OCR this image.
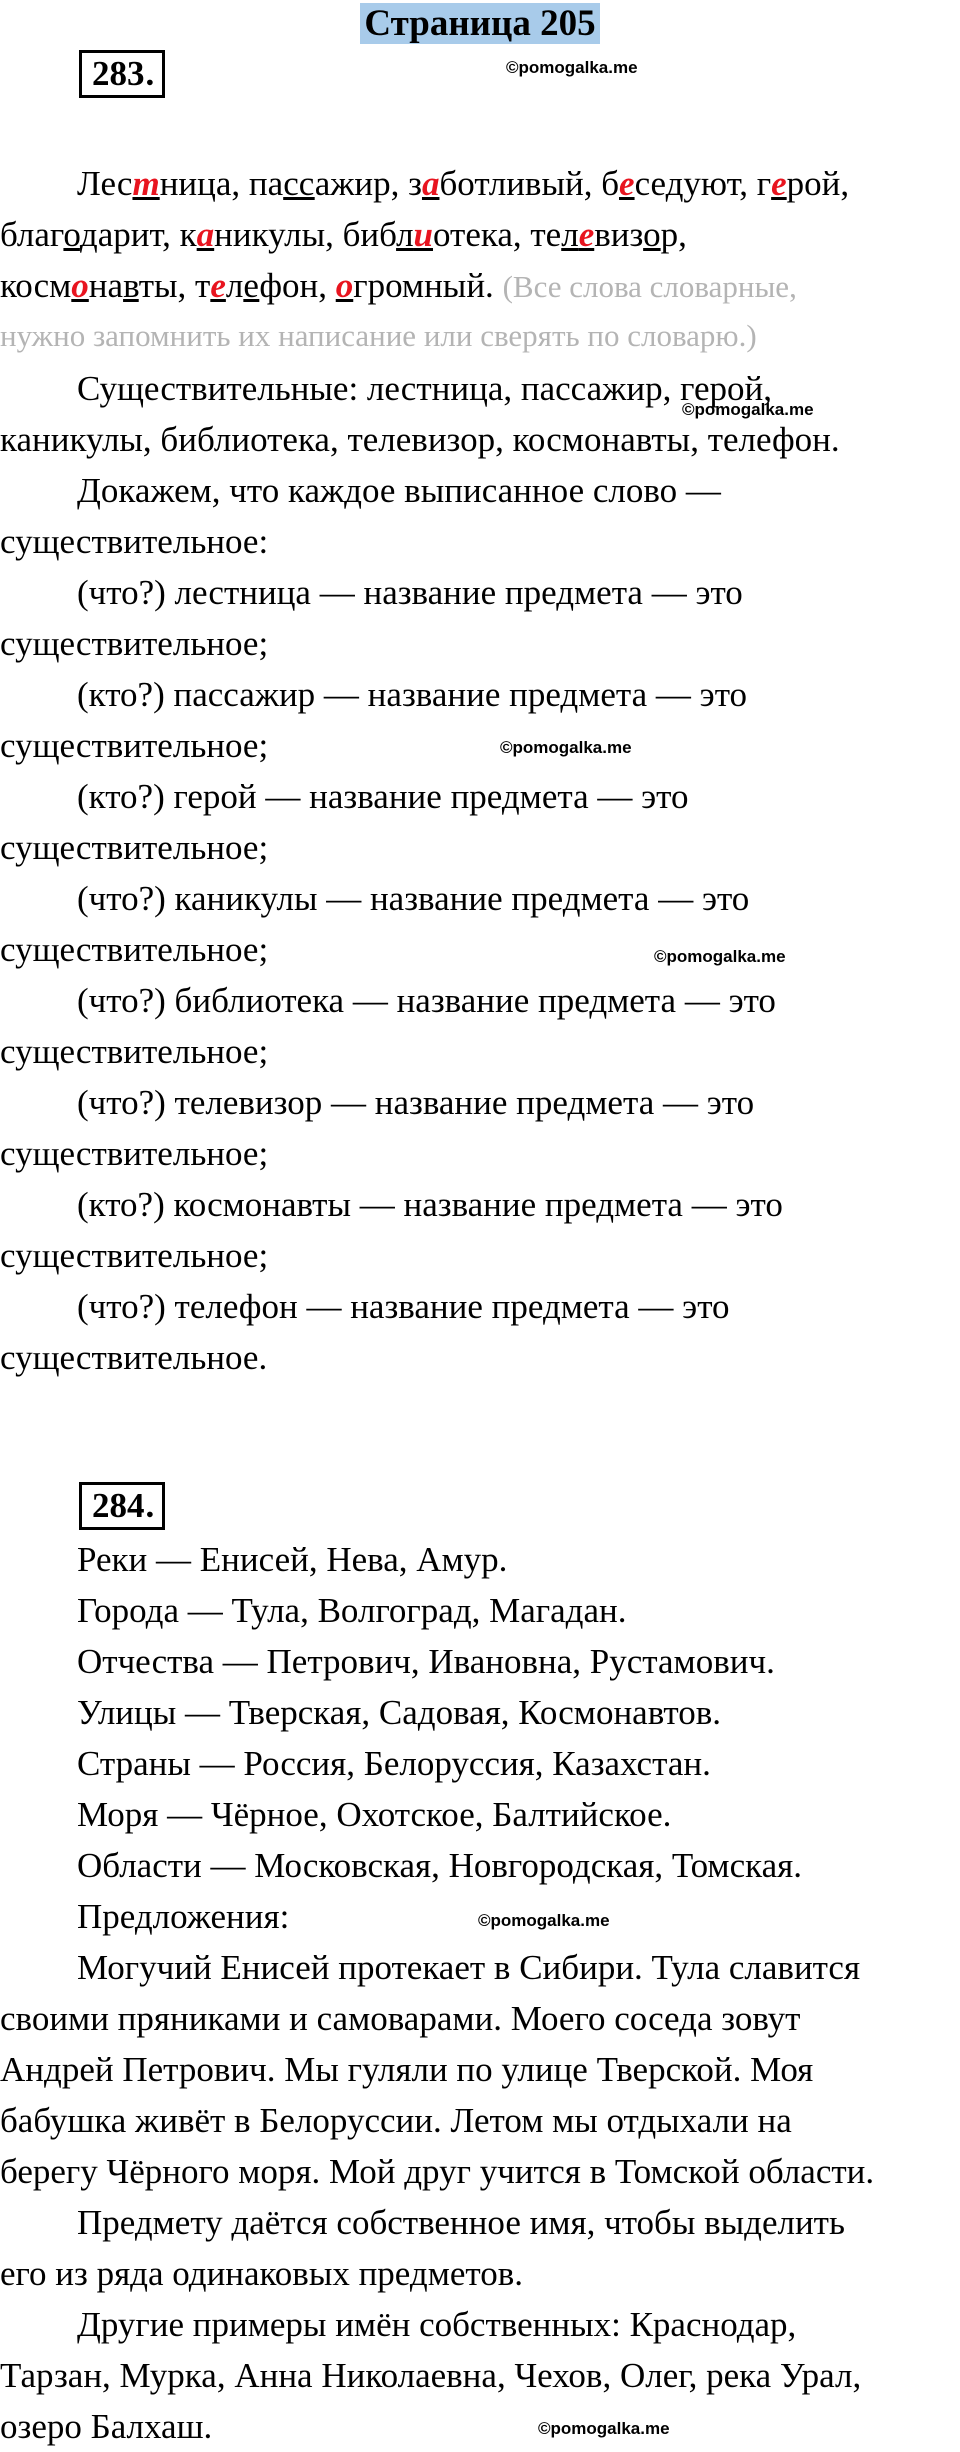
Страница 205
283.	©pomogalka.me
Лестница, пассажир, заботливый, беседуют, герой,
благодарит, каникулы, библиотека, телевизор,
космонавты, телефон, огромный. (Все слова словарные,
нужно запомнить их написание или сверять по словарю.)
Существительные: лестница, пассажир, герой,
каникулы, библиотека, телевизор, космонавты, телефон.
Докажем, что каждое выписанное слово —
существительное:
(что?) лестница — название предмета — это
существительное;
(кто?) пассажир — название предмета — это
существительное;
(кто?) герой — название предмета — это
существительное;
(что?) каникулы — название предмета — это
существительное;
(что?) библиотека — название предмета — это
существительное;
(что?) телевизор — название предмета — это
существительное;
(кто?) космонавты — название предмета — это
существительное;
(что?) телефон — название предмета — это
существительное.
©pomogalka.me
©pomogalka.me
©pomogalka.me
284.
Реки — Енисей, Нева, Амур.
Города — Тула, Волгоград, Магадан.
Отчества — Петрович, Ивановна, Рустамович.
Улицы — Тверская, Садовая, Космонавтов.
Страны — Россия, Белоруссия, Казахстан.
Моря — Чёрное, Охотское, Балтийское.
Области — Московская, Новгородская, Томская.
Предложения:
Могучий Енисей протекает в Сибири. Тула славится
своими пряниками и самоварами. Моего соседа зовут
Андрей Петрович. Мы гуляли по улице Тверской. Моя
бабушка живёт в Белоруссии. Летом мы отдыхали на
берегу Чёрного моря. Мой друг учится в Томской области.
Предмету даётся собственное имя, чтобы выделить
его из ряда одинаковых предметов.
Другие примеры имён собственных: Краснодар,
Тарзан, Мурка, Анна Николаевна, Чехов, Олег, река Урал,
озеро Балхаш.
©pomogalka.me
©pomogalka.me
